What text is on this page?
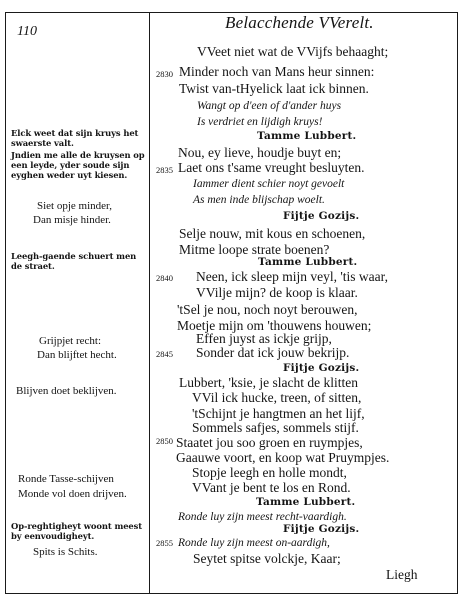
110	Belacchende VVerelt.
2830
2835
2840
2845
2850
2855
VVeet niet wat de VVijfs behaaght;
Minder noch van Mans heur sinnen:
Twist van-tHyelick laat ick binnen.
Wangt op d'een of d'ander huys
Is verdriet en lijdigh kruys!
Tamme Lubbert.
Nou, ey lieve, houdje buyt en;
Laet ons t'same vreught besluyten.
Iammer dient schier noyt gevoelt
As men inde blijschap woelt.
Fijtje Gozijs.
Selje nouw, mit kous en schoenen,
Mitme loope strate boenen?
Tamme Lubbert.
Neen, ick sleep mijn veyl, 'tis waar,
VVilje mijn? de koop is klaar.
'tSel je nou, noch noyt berouwen,
Moetje mijn om 'thouwens houwen;
Effen juyst as ickje grijp,
Sonder dat ick jouw bekrijp.
Fijtje Gozijs.
Lubbert, 'ksie, je slacht de klitten
VVil ick hucke, treen, of sitten,
'tSchijnt je hangtmen an het lijf,
Sommels safjes, sommels stijf.
Staatet jou soo groen en ruympjes,
Gaauwe voort, en koop wat Pruympjes.
Stopje leegh en holle mondt,
VVant je bent te los en Rond.
Tamme Lubbert.
Ronde luy zijn meest recht-vaardigh.
Fijtje Gozijs.
Ronde luy zijn meest on-aardigh,
Seytet spitse volckje, Kaar;
Liegh
Elck weet dat sijn kruys het swaerste valt.
Jndien me alle de kruysen op een leyde, yder soude sijn eyghen weder uyt kiesen.
Siet opje minder,
Dan misje hinder.
Leegh-gaende schuert men de straet.
Grijpjet recht:
Dan blijftet hecht.
Blijven doet beklijven.
Ronde Tasse-schijven
Monde vol doen drijven.
Op-reghtigheyt woont meest by eenvoudigheyt.
Spits is Schits.
